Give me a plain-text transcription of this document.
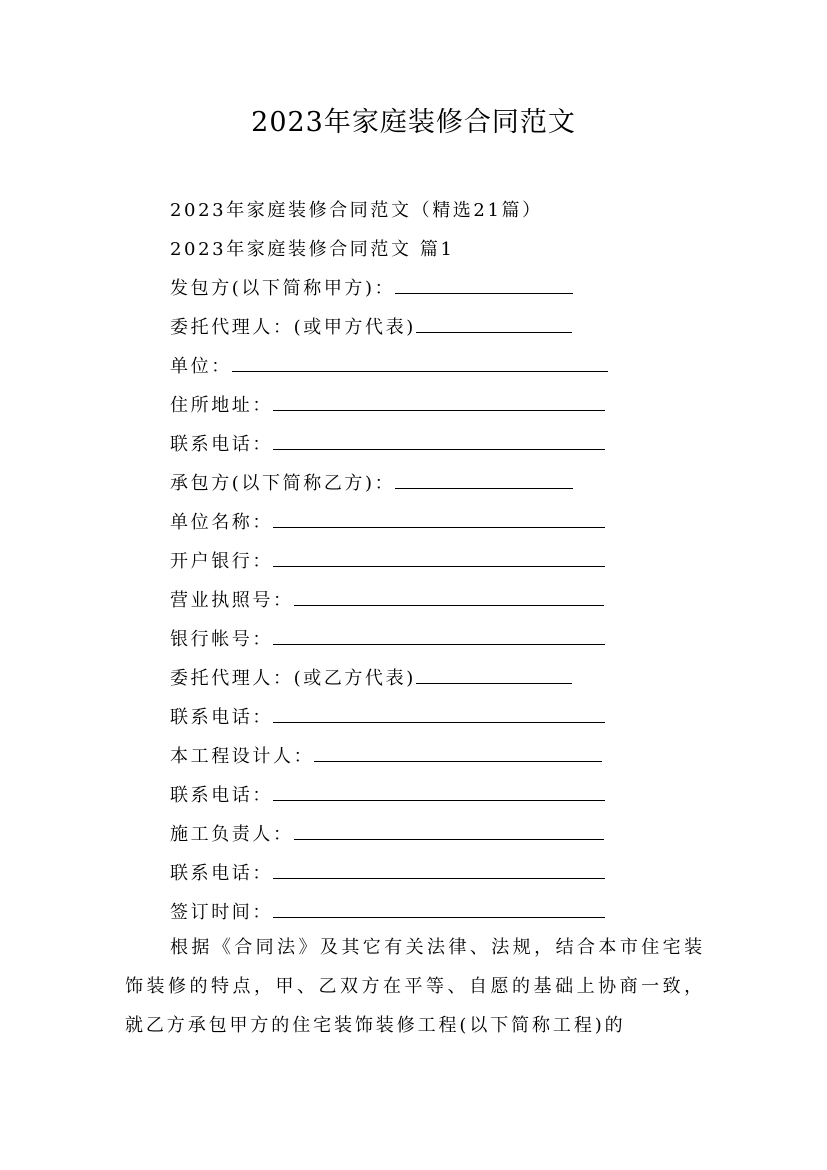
2023年家庭装修合同范文
2023年家庭装修合同范文（精选21篇）
2023年家庭装修合同范文 篇1
发包方(以下简称甲方)：
委托代理人：(或甲方代表)
单位：
住所地址：
联系电话：
承包方(以下简称乙方)：
单位名称：
开户银行：
营业执照号：
银行帐号：
委托代理人：(或乙方代表)
联系电话：
本工程设计人：
联系电话：
施工负责人：
联系电话：
签订时间：
根据《合同法》及其它有关法律、法规，结合本市住宅装饰装修的特点，甲、乙双方在平等、自愿的基础上协商一致，就乙方承包甲方的住宅装饰装修工程(以下简称工程)的
